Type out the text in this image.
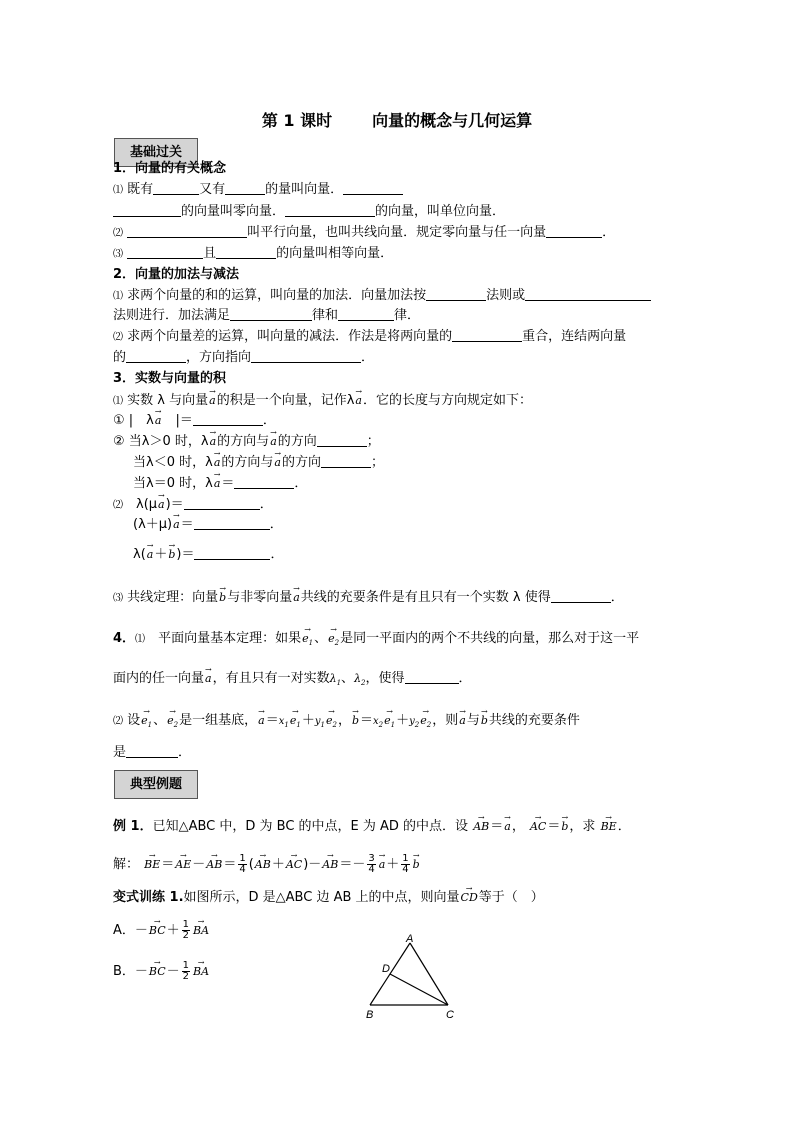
第 1 课时	向量的概念与几何运算
基础过关
1．向量的有关概念
⑴ 既有	又有	的量叫向量．
的向量叫零向量．	的向量，叫单位向量．
⑵	叫平行向量，也叫共线向量．规定零向量与任一向量	．
⑶	且	的向量叫相等向量．
2．向量的加法与减法
⑴ 求两个向量的和的运算，叫向量的加法．向量加法按	法则或
法则进行．加法满足	律和	律．
⑵ 求两个向量差的运算，叫向量的减法．作法是将两向量的	重合，连结两向量
的	，方向指向	．
3．实数与向量的积
⑴ 实数 λ 与向量→ a的积是一个向量，记作λ→ a．它的长度与方向规定如下：
① |　λ→ a　|＝	．
② 当λ＞0 时，λ→ a的方向与→ a的方向	；
当λ＜0 时，λ→ a的方向与→ a的方向	；
当λ＝0 时，λ→ a＝	．
⑵　λ(μ→ a)＝	．
(λ＋μ)→ a＝	．
λ(→ a＋→ b)＝	．
⑶ 共线定理：向量→ b与非零向量→ a共线的充要条件是有且只有一个实数 λ 使得	．
4．⑴　 平面向量基本定理：如果→ $e_1$、→ $e_2$是同一平面内的两个不共线的向量，那么对于这一平
面内的任一向量→ a，有且只有一对实数$\lambda_1$、$\lambda_2$，使得	．
⑵ 设→ $e_1$、→ $e_2$是一组基底，→ $a=x_1\to e_1+y_1\to e_2$，→ $b=x_2\to e_1+y_2\to e_2$，则→ a与→ b共线的充要条件
是	．
典型例题
例 1．已知△ABC 中，D 为 BC 的中点，E 为 AD 的中点．设 → AB＝→ a， → AC＝→ b，求 → BE．
解： → $BE=\to AE-\to AB= \frac{1}{4}$ (→ $AB+\to AC)-\to AB=- \frac{3}{4}$
→ $a+ \frac{1}{4}$
→ b
变式训练 1.如图所示，D 是△ABC 边 AB 上的中点，则向量→ CD等于（　）
A．－→ $BC+ \frac{1}{2}$
→ BA
B．－→ $BC- \frac{1}{2}$
→ BA
A
D
B	C
